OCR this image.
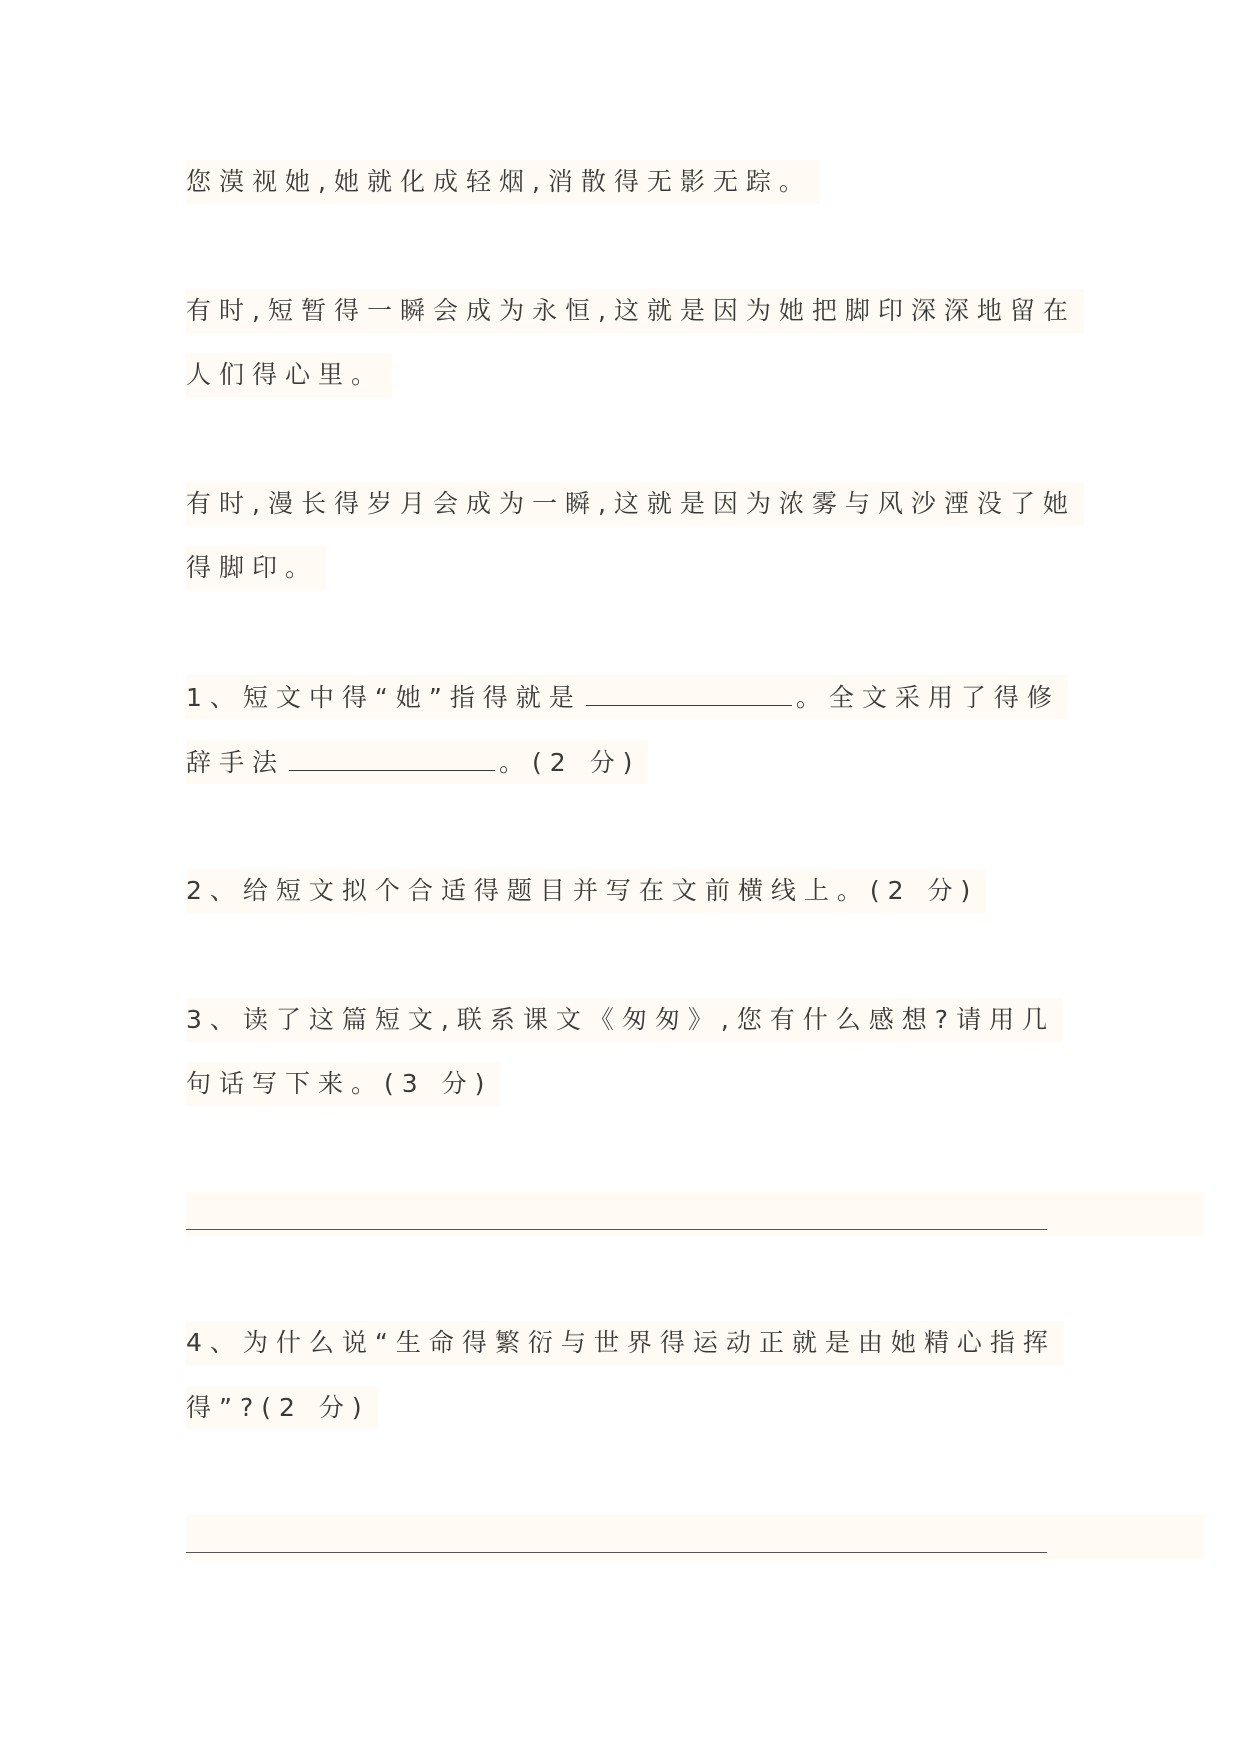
您漠视她,她就化成轻烟,消散得无影无踪。
有时,短暂得一瞬会成为永恒,这就是因为她把脚印深深地留在
人们得心里。
有时,漫长得岁月会成为一瞬,这就是因为浓雾与风沙湮没了她
得脚印。
1、短文中得“她”指得就是	。全文采用了得修
辞手法	。(2 分)
2、给短文拟个合适得题目并写在文前横线上。(2 分)
3、读了这篇短文,联系课文《匆匆》,您有什么感想?请用几
句话写下来。(3 分)
4、为什么说“生命得繁衍与世界得运动正就是由她精心指挥
得”?(2 分)
